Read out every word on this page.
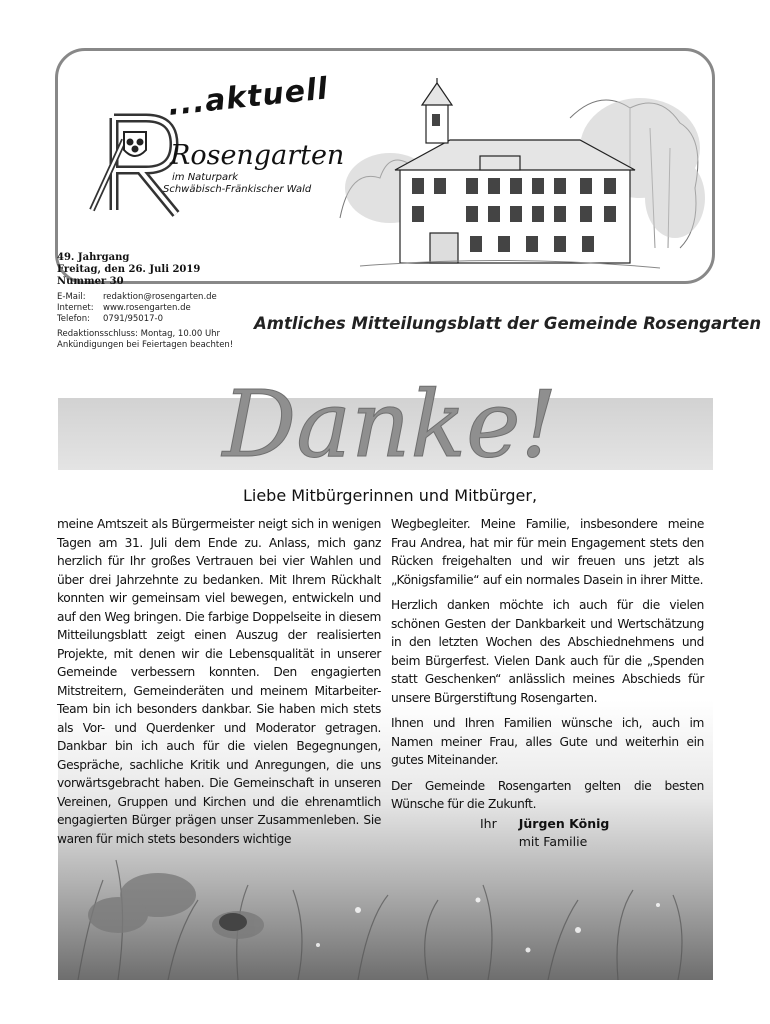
...aktuell
Rosengarten
im Naturpark
Schwäbisch-Fränkischer Wald
49. Jahrgang
Freitag, den 26. Juli 2019
Nummer 30
E-Mail:	redaktion@rosengarten.de
Internet:	www.rosengarten.de
Telefon:	0791/95017-0
Redaktionsschluss: Montag, 10.00 Uhr
Ankündigungen bei Feiertagen beachten!
Amtliches Mitteilungsblatt der Gemeinde Rosengarten
Danke!
Liebe Mitbürgerinnen und Mitbürger,

meine Amtszeit als Bürgermeister neigt sich in wenigen Tagen am 31. Juli dem Ende zu. Anlass, mich ganz herzlich für Ihr großes Vertrauen bei vier Wahlen und über drei Jahrzehnte zu bedanken. Mit Ihrem Rückhalt konnten wir gemeinsam viel bewegen, entwickeln und auf den Weg bringen. Die farbige Doppelseite in diesem Mitteilungsblatt zeigt einen Auszug der realisierten Projekte, mit denen wir die Lebensqualität in unserer Gemeinde verbessern konnten. Den engagierten Mitstreitern, Gemeinderäten und meinem Mitarbeiter-Team bin ich besonders dankbar. Sie haben mich stets als Vor- und Querdenker und Moderator getragen. Dankbar bin ich auch für die vielen Begegnungen, Gespräche, sachliche Kritik und Anregungen, die uns vorwärtsgebracht haben. Die Gemeinschaft in unseren Vereinen, Gruppen und Kirchen und die ehrenamtlich engagierten Bürger prägen unser Zusammenleben. Sie waren für mich stets besonders wichtige

Wegbegleiter. Meine Familie, insbesondere meine Frau Andrea, hat mir für mein Engagement stets den Rücken freigehalten und wir freuen uns jetzt als „Königsfamilie“ auf ein normales Dasein in ihrer Mitte.

Herzlich danken möchte ich auch für die vielen schönen Gesten der Dankbarkeit und Wertschätzung in den letzten Wochen des Abschiednehmens und beim Bürgerfest. Vielen Dank auch für die „Spenden statt Geschenken“ anlässlich meines Abschieds für unsere Bürgerstiftung Rosengarten.

Ihnen und Ihren Familien wünsche ich, auch im Namen meiner Frau, alles Gute und weiterhin ein gutes Miteinander.

Der Gemeinde Rosengarten gelten die besten Wünsche für die Zukunft.

Ihr Jürgen König
mit Familie
